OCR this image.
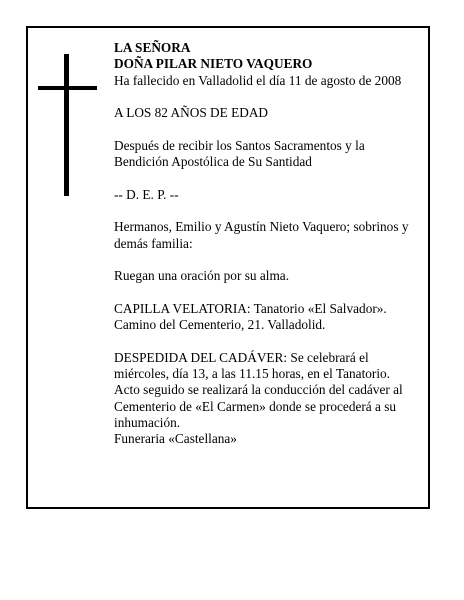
LA SEÑORA

DOÑA PILAR NIETO VAQUERO

Ha fallecido en Valladolid el día 11 de agosto de 2008

A LOS 82 AÑOS DE EDAD

Después de recibir los Santos Sacramentos y la

Bendición Apostólica de Su Santidad

-- D. E. P. --

Hermanos, Emilio y Agustín Nieto Vaquero; sobrinos y

demás familia:

Ruegan una oración por su alma.

CAPILLA VELATORIA: Tanatorio «El Salvador».

Camino del Cementerio, 21. Valladolid.

DESPEDIDA DEL CADÁVER: Se celebrará el

miércoles, día 13, a las 11.15 horas, en el Tanatorio.

Acto seguido se realizará la conducción del cadáver al

Cementerio de «El Carmen» donde se procederá a su

inhumación.

Funeraria «Castellana»
